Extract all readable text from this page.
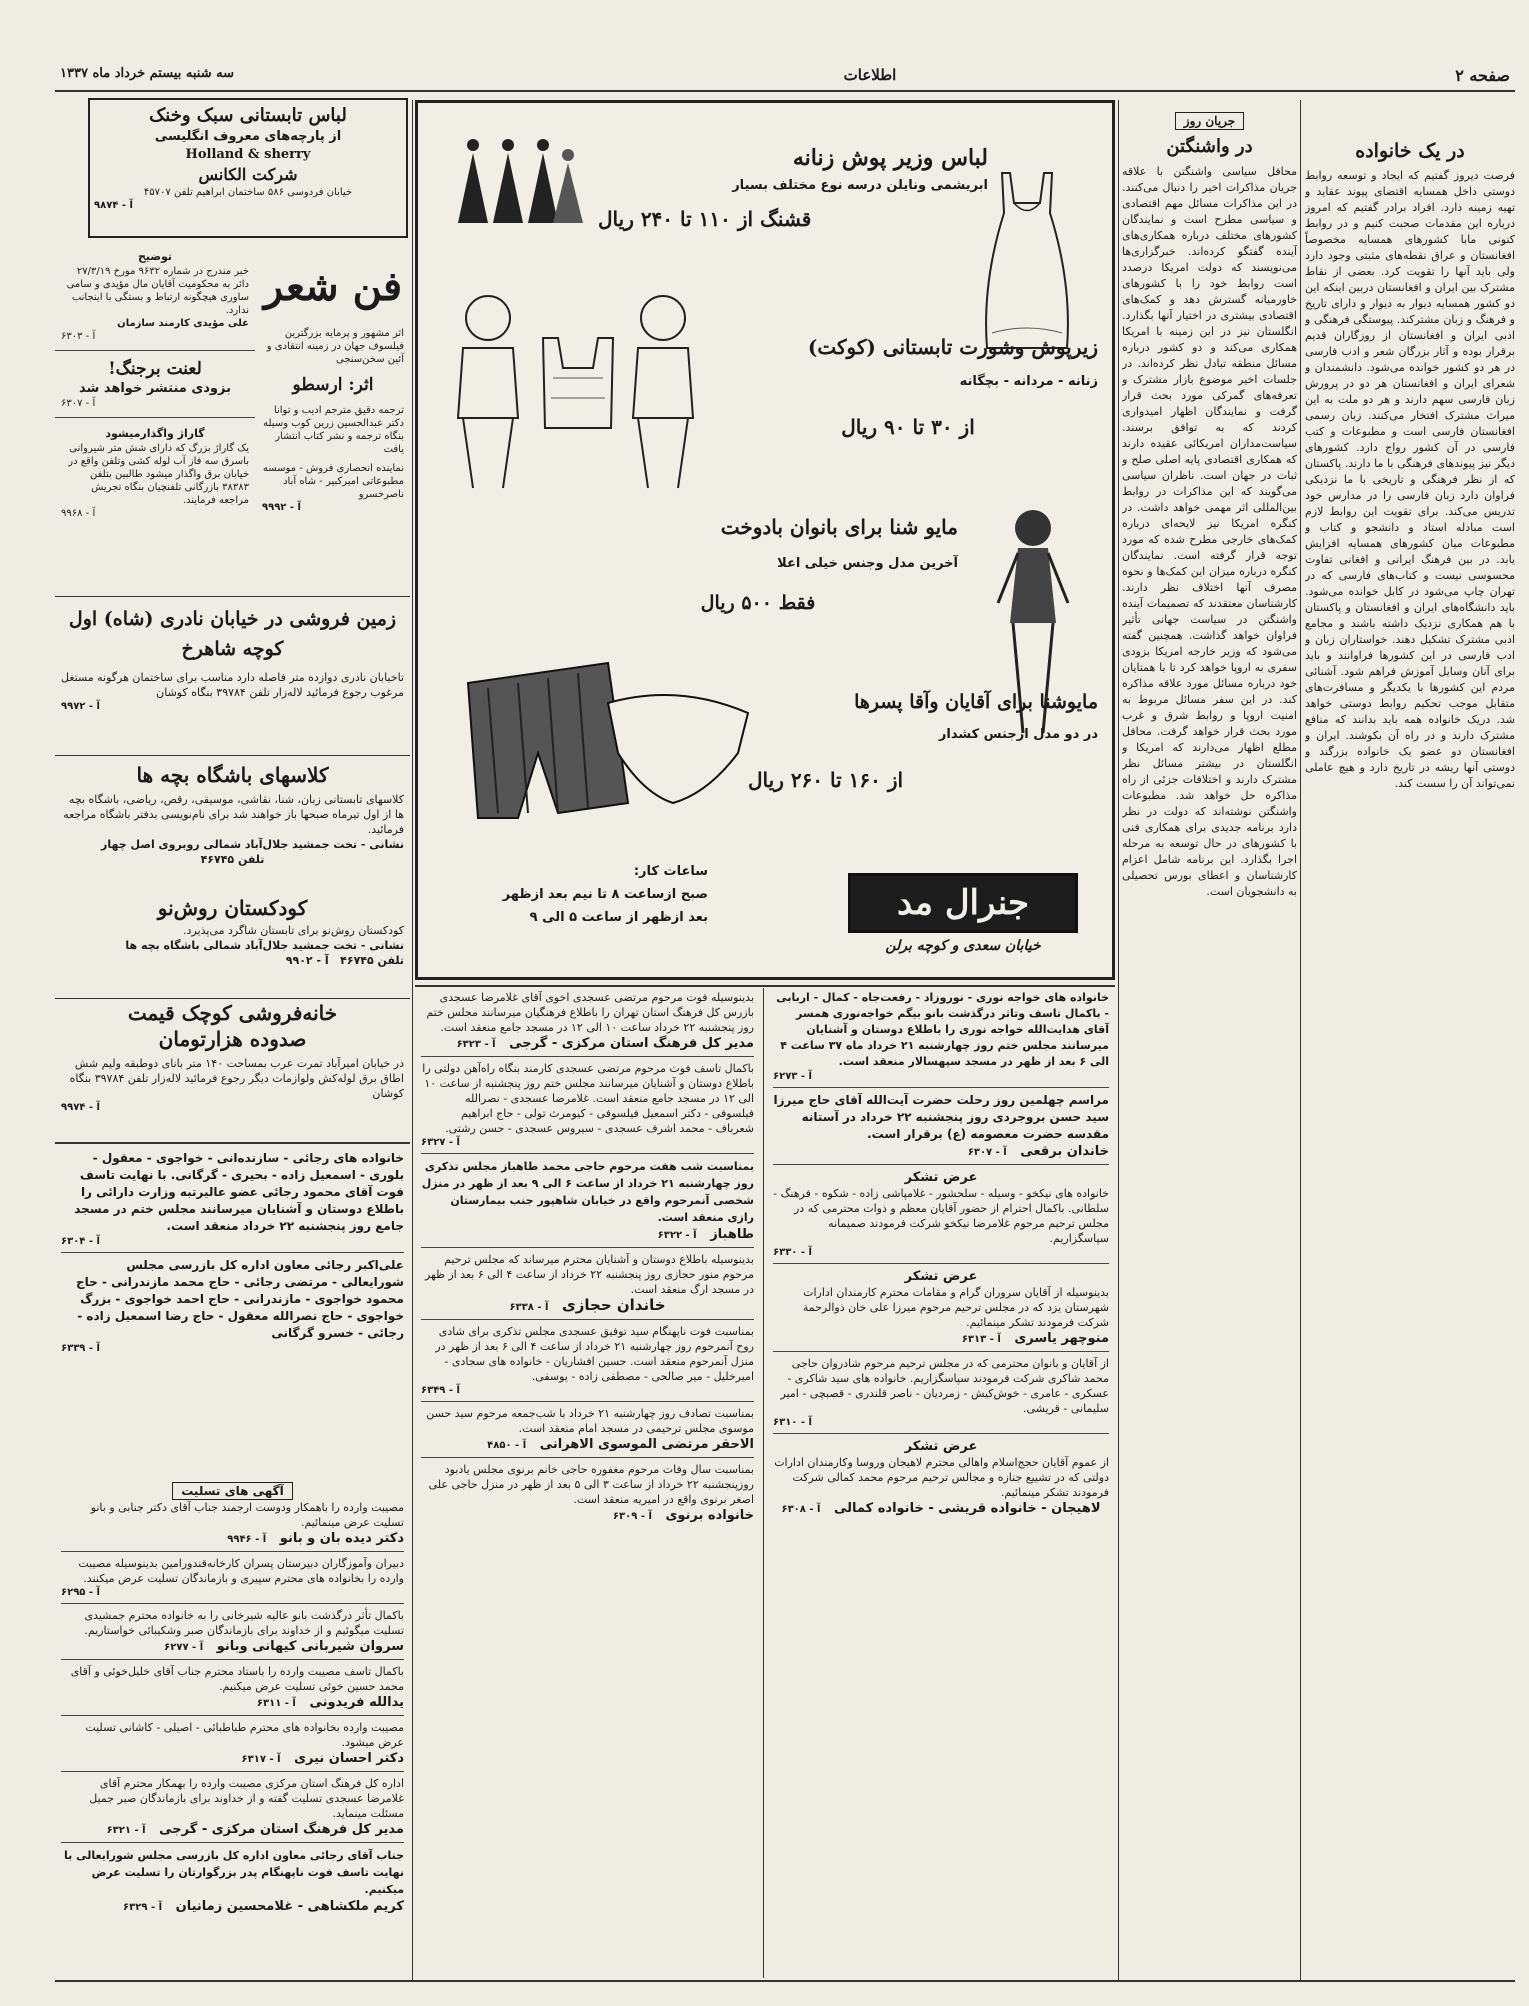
صفحه ۲
اطلاعات
سه شنبه بیستم خرداد ماه ۱۳۳۷
در یک خانواده
فرصت دیروز گفتیم که ایجاد و توسعه روابط دوستی داخل همسایه اقتضای پیوند عقاید و تهیه زمینه دارد. افراد برادر گفتیم که امروز درباره این مقدمات صحبت کنیم و در روابط کنونی مابا کشورهای همسایه مخصوصاً افغانستان و عراق نقطه‌های مثبتی وجود دارد ولی باید آنها را تقویت کرد. بعضی از نقاط مشترک بین ایران و افغانستان دربین اینکه این دو کشور همسایه دیوار به دیوار و دارای تاریخ و فرهنگ و زبان مشترکند. پیوستگی فرهنگی و ادبی ایران و افغانستان از روزگاران قدیم برقرار بوده و آثار بزرگان شعر و ادب فارسی در هر دو کشور خوانده می‌شود. دانشمندان و شعرای ایران و افغانستان هر دو در پرورش زبان فارسی سهم دارند و هر دو ملت به این میراث مشترک افتخار می‌کنند. زبان رسمی افغانستان فارسی است و مطبوعات و کتب فارسی در آن کشور رواج دارد. کشورهای دیگر نیز پیوندهای فرهنگی با ما دارند. پاکستان که از نظر فرهنگی و تاریخی با ما نزدیکی فراوان دارد زبان فارسی را در مدارس خود تدریس می‌کند. برای تقویت این روابط لازم است مبادله استاد و دانشجو و کتاب و مطبوعات میان کشورهای همسایه افزایش یابد. در بین فرهنگ ایرانی و افغانی تفاوت محسوسی نیست و کتاب‌های فارسی که در تهران چاپ می‌شود در کابل خوانده می‌شود. باید دانشگاه‌های ایران و افغانستان و پاکستان با هم همکاری نزدیک داشته باشند و مجامع ادبی مشترک تشکیل دهند. خواستاران زبان و ادب فارسی در این کشورها فراوانند و باید برای آنان وسایل آموزش فراهم شود. آشنائی مردم این کشورها با یکدیگر و مسافرت‌های متقابل موجب تحکیم روابط دوستی خواهد شد. دریک خانواده همه باید بدانند که منافع مشترک دارند و در راه آن بکوشند. ایران و افغانستان دو عضو یک خانواده بزرگند و دوستی آنها ریشه در تاریخ دارد و هیچ عاملی نمی‌تواند آن را سست کند.
جریان روز
در واشنگتن
محافل سیاسی واشنگتن با علاقه جریان مذاکرات اخیر را دنبال می‌کنند. در این مذاکرات مسائل مهم اقتصادی و سیاسی مطرح است و نمایندگان کشورهای مختلف درباره همکاری‌های آینده گفتگو کرده‌اند. خبرگزاری‌ها می‌نویسند که دولت امریکا درصدد است روابط خود را با کشورهای خاورمیانه گسترش دهد و کمک‌های اقتصادی بیشتری در اختیار آنها بگذارد. انگلستان نیز در این زمینه با امریکا همکاری می‌کند و دو کشور درباره مسائل منطقه تبادل نظر کرده‌اند. در جلسات اخیر موضوع بازار مشترک و تعرفه‌های گمرکی مورد بحث قرار گرفت و نمایندگان اظهار امیدواری کردند که به توافق برسند. سیاست‌مداران امریکائی عقیده دارند که همکاری اقتصادی پایه اصلی صلح و ثبات در جهان است. ناظران سیاسی می‌گویند که این مذاکرات در روابط بین‌المللی اثر مهمی خواهد داشت. در کنگره امریکا نیز لایحه‌ای درباره کمک‌های خارجی مطرح شده که مورد توجه قرار گرفته است. نمایندگان کنگره درباره میزان این کمک‌ها و نحوه مصرف آنها اختلاف نظر دارند. کارشناسان معتقدند که تصمیمات آینده واشنگتن در سیاست جهانی تأثیر فراوان خواهد گذاشت. همچنین گفته می‌شود که وزیر خارجه امریکا بزودی سفری به اروپا خواهد کرد تا با همتایان خود درباره مسائل مورد علاقه مذاکره کند. در این سفر مسائل مربوط به امنیت اروپا و روابط شرق و غرب مورد بحث قرار خواهد گرفت. محافل مطلع اظهار می‌دارند که امریکا و انگلستان در بیشتر مسائل نظر مشترک دارند و اختلافات جزئی از راه مذاکره حل خواهد شد. مطبوعات واشنگتن نوشته‌اند که دولت در نظر دارد برنامه جدیدی برای همکاری فنی با کشورهای در حال توسعه به مرحله اجرا بگذارد. این برنامه شامل اعزام کارشناسان و اعطای بورس تحصیلی به دانشجویان است.
لباس وزیر پوش زنانه
ابریشمی ونایلن درسه نوع مختلف بسیار
قشنگ از ۱۱۰ تا ۲۴۰ ریال
زیرپوش وشورت تابستانی (کوکت)
زنانه - مردانه - بچگانه
از ۳۰ تا ۹۰ ریال
مایو شنا برای بانوان بادوخت
آخرین مدل وجنس خیلی اعلا
فقط ۵۰۰ ریال
مایوشنا برای آقایان وآقا پسرها
در دو مدل ازجنس کشدار
از ۱۶۰ تا ۲۶۰ ریال
ساعات کار:
صبح ازساعت ۸ تا نیم بعد ازظهر
بعد ازظهر از ساعت ۵ الی ۹	جنرال مد
خیابان سعدی و کوچه برلن
لباس تابستانی سبک وخنک
از پارچه‌های معروف انگلیسی
Holland & sherry
شرکت الکانس
خیابان فردوسی ۵۸۶ ساختمان ابراهیم تلفن ۴۵۷۰۷
آ - ۹۸۷۴
توضیح

خبر مندرج در شماره ۹۶۳۲ مورخ ۲۷/۳/۱۹ دائر به محکومیت آقایان مال مؤیدی و سامی ساوری هیچگونه ارتباط و بستگی با اینجانب ندارد.

علی مؤیدی کارمند سازمان

آ - ۶۳۰۳

لعنت برجنگ!

بزودی منتشر خواهد شد

آ - ۶۳۰۷

گاراژ واگذارمیشود

یک گاراژ بزرگ که دارای شش متر شیروانی باسرق سه فاز آب لوله کشی وتلفن واقع در خیابان برق واگذار میشود طالبین بتلفن ۳۸۳۸۳ بازرگانی تلفنچیان بنگاه تجریش مراجعه فرمایند.

آ - ۹۹۶۸

فن شعر
اثر مشهور و پرمایه بزرگترین فیلسوف جهان در زمینه انتقادی و آئین سخن‌سنجی
اثر: ارسطو
ترجمه دقیق مترجم ادیب و توانا دکتر عبدالحسین زرین کوب وسیله بنگاه ترجمه و نشر کتاب انتشار یافت
نماینده انحصاری فروش - موسسه مطبوعاتی امیرکبیر - شاه آباد ناصرخسرو
آ - ۹۹۹۲
زمین فروشی در خیابان نادری (شاه) اول کوچه شاهرخ
تاخیابان نادری دوازده متر فاصله دارد مناسب برای ساختمان هرگونه مستغل مرغوب رجوع فرمائید لاله‌زار تلفن ۳۹۷۸۴ بنگاه کوشان
آ - ۹۹۷۲
کلاسهای باشگاه بچه ها
کلاسهای تابستانی زبان، شنا، نقاشی، موسیقی، رقص، ریاضی، باشگاه بچه ها از اول تیرماه صبحها باز خواهند شد برای نام‌نویسی بدفتر باشگاه مراجعه فرمائید.
نشانی - تخت جمشید جلال‌آباد شمالی روبروی اصل چهار
تلفن ۴۶۷۴۵
کودکستان روش‌نو
کودکستان روش‌نو برای تابستان شاگرد می‌پذیرد.
نشانی - تخت جمشید جلال‌آباد شمالی باشگاه بچه ها
تلفن ۴۶۷۴۵   آ - ۹۹۰۲
خانه‌فروشی کوچک قیمت
صدوده هزارتومان
در خیابان امیرآباد تمرت عرب بمساحت ۱۴۰ متر بانای دوطبقه ولیم شش اطاق برق لوله‌کش ولوازمات دیگر رجوع فرمائید لاله‌زار تلفن ۳۹۷۸۴ بنگاه کوشان
آ - ۹۹۷۴
خانواده های رجائی - سازنده‌انی - خواجوی - معقول - بلوری - اسمعیل زاده - بحیری - گرگانی. با نهایت تاسف فوت آقای محمود رجائی عضو عالیرتبه وزارت دارائی را باطلاع دوستان و آشنایان میرسانند مجلس ختم در مسجد جامع روز پنجشنبه ۲۲ خرداد منعقد است.
آ - ۶۳۰۴
علی‌اکبر رجائی معاون اداره کل بازرسی مجلس شورایعالی - مرتضی رجائی - حاج محمد مازندرانی - حاج محمود خواجوی - مازندرانی - حاج احمد خواجوی - بزرگ خواجوی - حاج نصرالله معقول - حاج رضا اسمعیل زاده - رجائی - خسرو گرگانی
آ - ۶۳۳۹
آگهی های تسلیت
مصیبت وارده را باهمکار ودوست ارجمند جناب آقای دکتر جنابی و بانو تسلیت عرض مینمائیم.
دکتر دیده بان و بانو   آ - ۹۹۴۶
دبیران وآموزگاران دبیرستان پسران کارخانه‌قندورامین بدینوسیله مصیبت وارده را بخانواده های محترم سپیری و بازماندگان تسلیت عرض میکنند.
آ - ۶۲۹۵
باکمال تأثر درگذشت بانو عالیه شیرخانی را به خانواده محترم جمشیدی تسلیت میگوئیم و از خداوند برای بازماندگان صبر وشکیبائی خواستاریم.
سروان شیربانی کیهانی وبانو   آ - ۶۲۷۷
باکمال تاسف مصیبت وارده را باستاد محترم جناب آقای خلیل‌خوئی و آقای محمد حسین خوئی تسلیت عرض میکنیم.
یدالله فریدونی   آ - ۶۳۱۱
مصیبت وارده بخانواده های محترم طباطبائی - اصیلی - کاشانی تسلیت عرض میشود.
دکتر احسان نیری   آ - ۶۳۱۷
اداره کل فرهنگ استان مرکزی مصیبت وارده را بهمکار محترم آقای غلامرضا عسجدی تسلیت گفته و از خداوند برای بازماندگان صبر جمیل مسئلت مینماید.
مدیر کل فرهنگ استان مرکزی - گرجی   آ - ۶۳۲۱
جناب آقای رجائی معاون اداره کل بازرسی مجلس شورایعالی با نهایت تاسف فوت ناپهنگام پدر بزرگوارتان را تسلیت عرض میکنیم.
کریم ملکشاهی - غلامحسین زمانیان   آ - ۶۳۲۹
بدینوسیله فوت مرحوم مرتضی عسجدی اخوی آقای غلامرضا عسجدی بازرس کل فرهنگ استان تهران را باطلاع فرهنگیان میرسانند مجلس ختم روز پنجشنبه ۲۲ خرداد ساعت ۱۰ الی ۱۲ در مسجد جامع منعقد است.
مدیر کل فرهنگ استان مرکزی - گرجی   آ - ۶۳۲۳
باکمال تاسف فوت مرحوم مرتضی عسجدی کارمند بنگاه راه‌آهن دولتی را باطلاع دوستان و آشنایان میرسانند مجلس ختم روز پنجشنبه از ساعت ۱۰ الی ۱۲ در مسجد جامع منعقد است. غلامرضا عسجدی - نصرالله فیلسوفی - دکتر اسمعیل فیلسوفی - کیومرث تولی - حاج ابراهیم شعرباف - محمد اشرف عسجدی - سیروس عسجدی - حسن رشتی.
آ - ۶۳۲۷
بمناسبت شب هفت مرحوم حاجی محمد طاهباز مجلس تذکری روز چهارشنبه ۲۱ خرداد از ساعت ۶ الی ۹ بعد از ظهر در منزل شخصی آنمرحوم واقع در خیابان شاهپور جنب بیمارستان رازی منعقد است.
طاهباز   آ - ۶۳۲۲
بدینوسیله باطلاع دوستان و آشنایان محترم میرساند که مجلس ترحیم مرحوم منور حجازی روز پنجشنبه ۲۲ خرداد از ساعت ۴ الی ۶ بعد از ظهر در مسجد ارگ منعقد است.
خاندان حجازی   آ - ۶۳۳۸
بمناسبت فوت ناپهنگام سید توفیق عسجدی مجلس تذکری برای شادی روح آنمرحوم روز چهارشنبه ۲۱ خرداد از ساعت ۴ الی ۶ بعد از ظهر در منزل آنمرحوم منعقد است. حسین افشاریان - خانواده های سجادی - امیرخلیل - میر صالحی - مصطفی زاده - یوسفی.
آ - ۶۳۴۹
بمناسبت تصادف روز چهارشنبه ۲۱ خرداد با شب‌جمعه مرحوم سید حسن موسوی مجلس ترحیمی در مسجد امام منعقد است.
الاحقر مرتضی الموسوی الاهرانی   آ - ۴۸۵۰
بمناسبت سال وفات مرحوم مغفوره حاجی خانم برنوی مجلس یادبود روزپنجشنبه ۲۲ خرداد از ساعت ۳ الی ۵ بعد از ظهر در منزل حاجی علی اصغر برنوی واقع در امیریه منعقد است.
خانواده برنوی   آ - ۶۳۰۹
خانواده های خواجه نوری - نوروزاد - رفعت‌جاه - کمال - اربابی - باکمال تاسف وتاثر درگذشت بانو بیگم خواجه‌نوری همسر آقای هدایت‌الله خواجه نوری را باطلاع دوستان و آشنایان میرسانند مجلس ختم روز چهارشنبه ۲۱ خرداد ماه ۳۷ ساعت ۴ الی ۶ بعد از ظهر در مسجد سپهسالار منعقد است.
آ - ۶۲۷۳
مراسم چهلمین روز رحلت حضرت آیت‌الله آقای حاج میرزا سید حسن بروجردی روز پنجشنبه ۲۲ خرداد در آستانه مقدسه حضرت معصومه (ع) برقرار است.
خاندان برقعی   آ - ۶۳۰۷
عرض تشکر
خانواده های نیکخو - وسیله - سلحشور - غلامپاشی زاده - شکوه - فرهنگ - سلطانی. باکمال احترام از حضور آقایان معظم و ذوات محترمی که در مجلس ترحیم مرحوم غلامرضا نیکخو شرکت فرمودند صمیمانه سپاسگزاریم.
آ - ۶۳۳۰
عرض تشکر
بدینوسیله از آقایان سروران گرام و مقامات محترم کارمندان ادارات شهرستان یزد که در مجلس ترحیم مرحوم میرزا علی خان ذوالرحمة شرکت فرمودند تشکر مینمائیم.
منوچهر یاسری   آ - ۶۳۱۳
از آقایان و بانوان محترمی که در مجلس ترحیم مرحوم شادروان حاجی محمد شاکری شرکت فرمودند سپاسگزاریم. خانواده های سید شاکری - عسکری - عامری - خوش‌کیش - زمردیان - ناصر قلندری - قصبچی - امیر سلیمانی - قریشی.
آ - ۶۳۱۰
عرض تشکر
از عموم آقایان حجج‌اسلام واهالی محترم لاهیجان وروسا وکارمندان ادارات دولتی که در تشییع جنازه و مجالس ترحیم مرحوم محمد کمالی شرکت فرمودند تشکر مینمائیم.
لاهیجان - خانواده قریشی - خانواده کمالی   آ - ۶۳۰۸
